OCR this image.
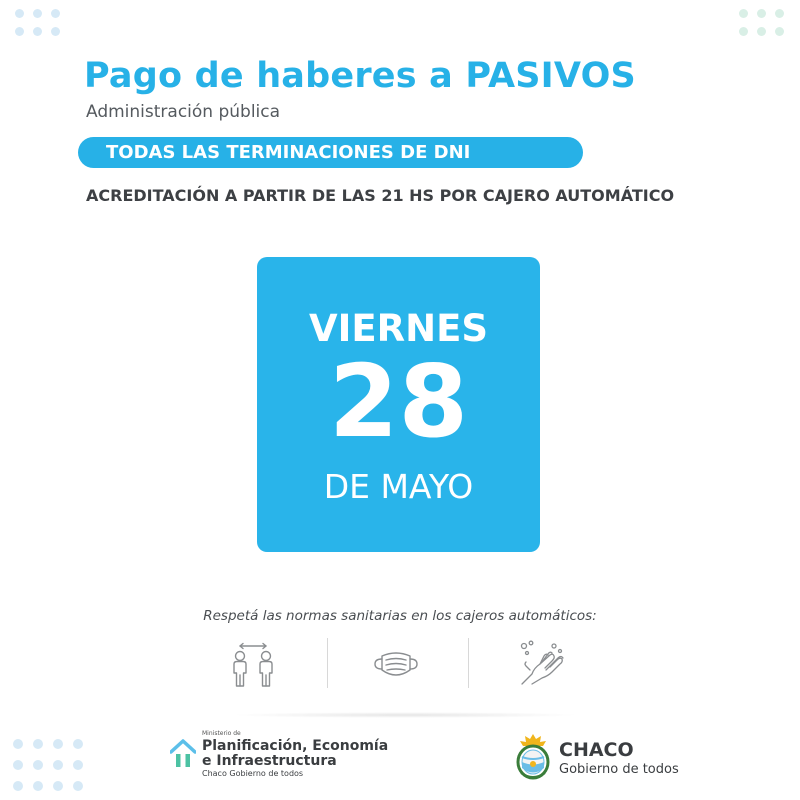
Pago de haberes a PASIVOS
Administración pública
TODAS LAS TERMINACIONES DE DNI
ACREDITACIÓN A PARTIR DE LAS 21 HS POR CAJERO AUTOMÁTICO
VIERNES
28
DE MAYO
Respetá las normas sanitarias en los cajeros automáticos:
Ministerio de
Planificación, Economía
e Infraestructura
Chaco Gobierno de todos
CHACO
Gobierno de todos
